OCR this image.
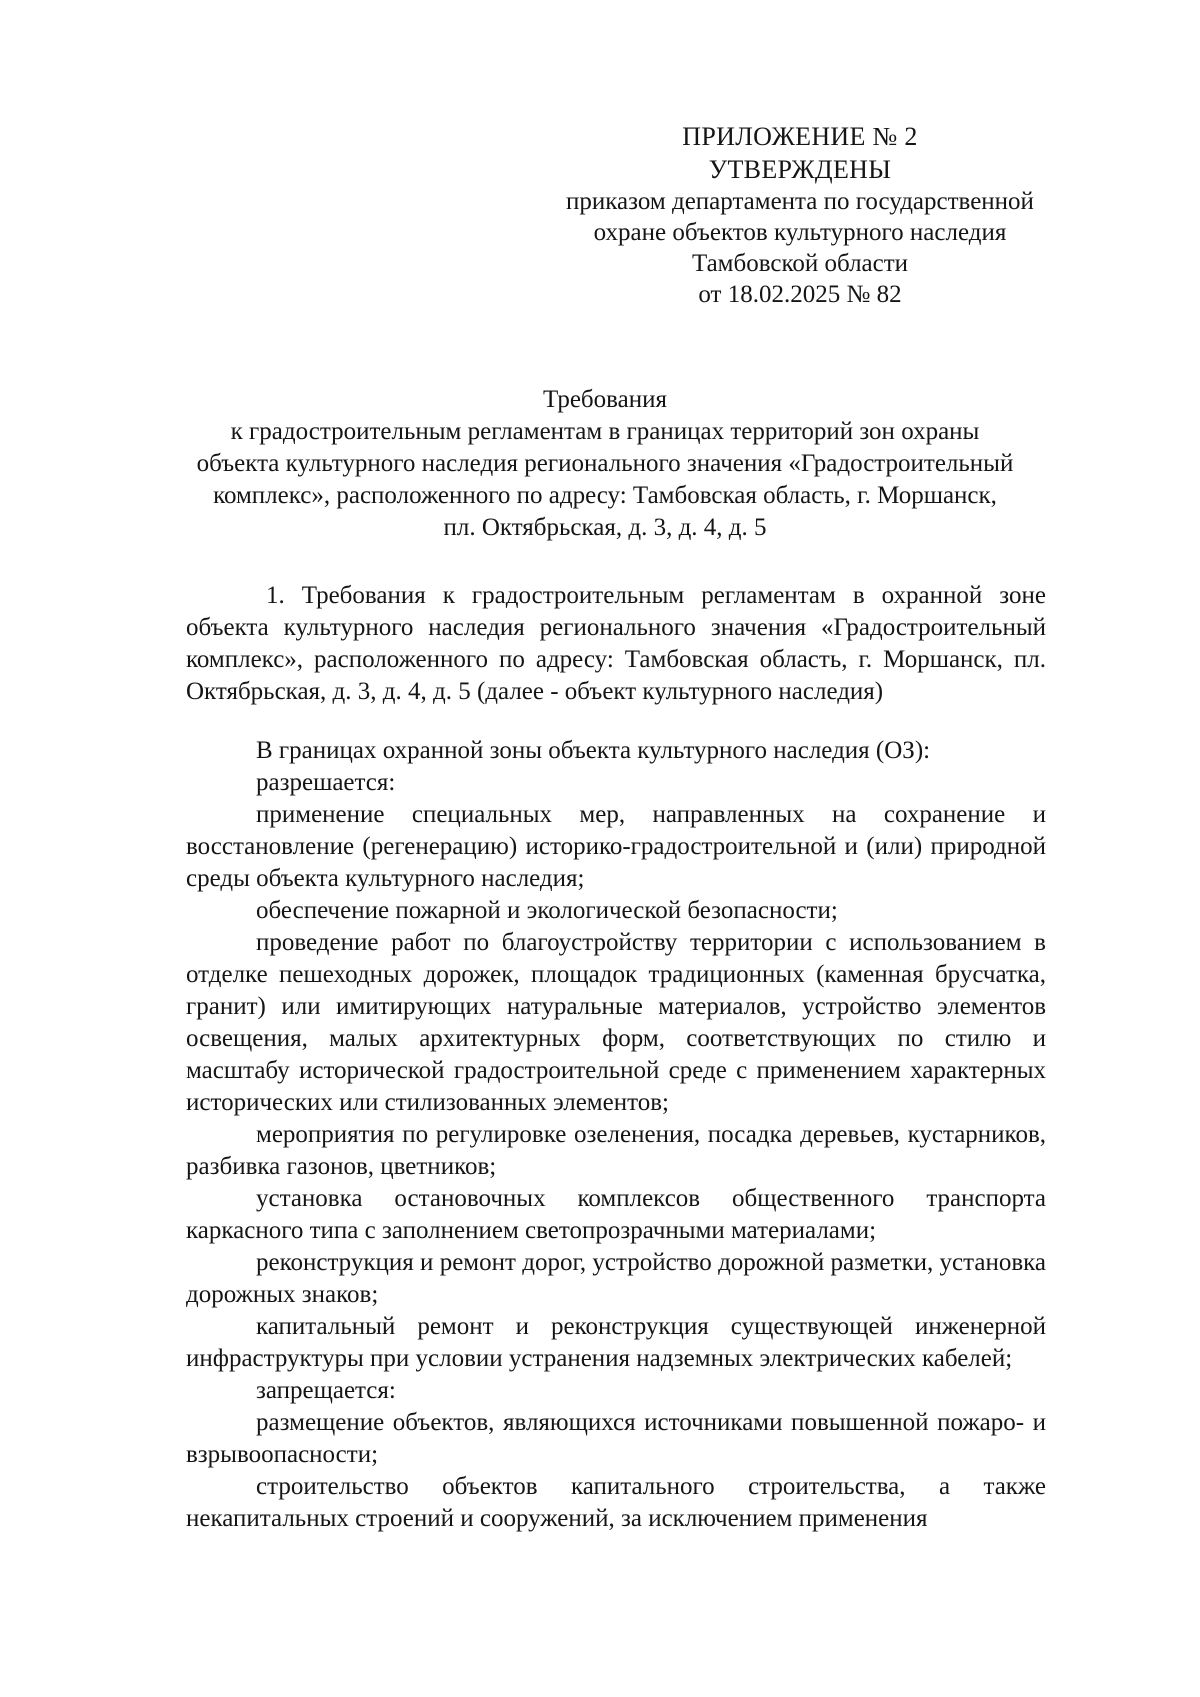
ПРИЛОЖЕНИЕ № 2
УТВЕРЖДЕНЫ
приказом департамента по государственной
охране объектов культурного наследия
Тамбовской области
от 18.02.2025 № 82
Требования
к градостроительным регламентам в границах территорий зон охраны
объекта культурного наследия регионального значения «Градостроительный
комплекс», расположенного по адресу: Тамбовская область, г. Моршанск,
пл. Октябрьская, д. 3, д. 4, д. 5

1. Требования к градостроительным регламентам в охранной зоне объекта культурного наследия регионального значения «Градостроительный комплекс», расположенного по адресу: Тамбовская область, г. Моршанск, пл. Октябрьская, д. 3, д. 4, д. 5 (далее - объект культурного наследия)

В границах охранной зоны объекта культурного наследия (ОЗ):

разрешается:

применение специальных мер, направленных на сохранение и восстановление (регенерацию) историко-градостроительной и (или) природной среды объекта культурного наследия;

обеспечение пожарной и экологической безопасности;

проведение работ по благоустройству территории с использованием в отделке пешеходных дорожек, площадок традиционных (каменная брусчатка, гранит) или имитирующих натуральные материалов, устройство элементов освещения, малых архитектурных форм, соответствующих по стилю и масштабу исторической градостроительной среде с применением характерных исторических или стилизованных элементов;

мероприятия по регулировке озеленения, посадка деревьев, кустарников, разбивка газонов, цветников;

установка остановочных комплексов общественного транспорта каркасного типа с заполнением светопрозрачными материалами;

реконструкция и ремонт дорог, устройство дорожной разметки, установка дорожных знаков;

капитальный ремонт и реконструкция существующей инженерной инфраструктуры при условии устранения надземных электрических кабелей;

запрещается:

размещение объектов, являющихся источниками повышенной пожаро- и взрывоопасности;

строительство объектов капитального строительства, а также некапитальных строений и сооружений, за исключением применения
